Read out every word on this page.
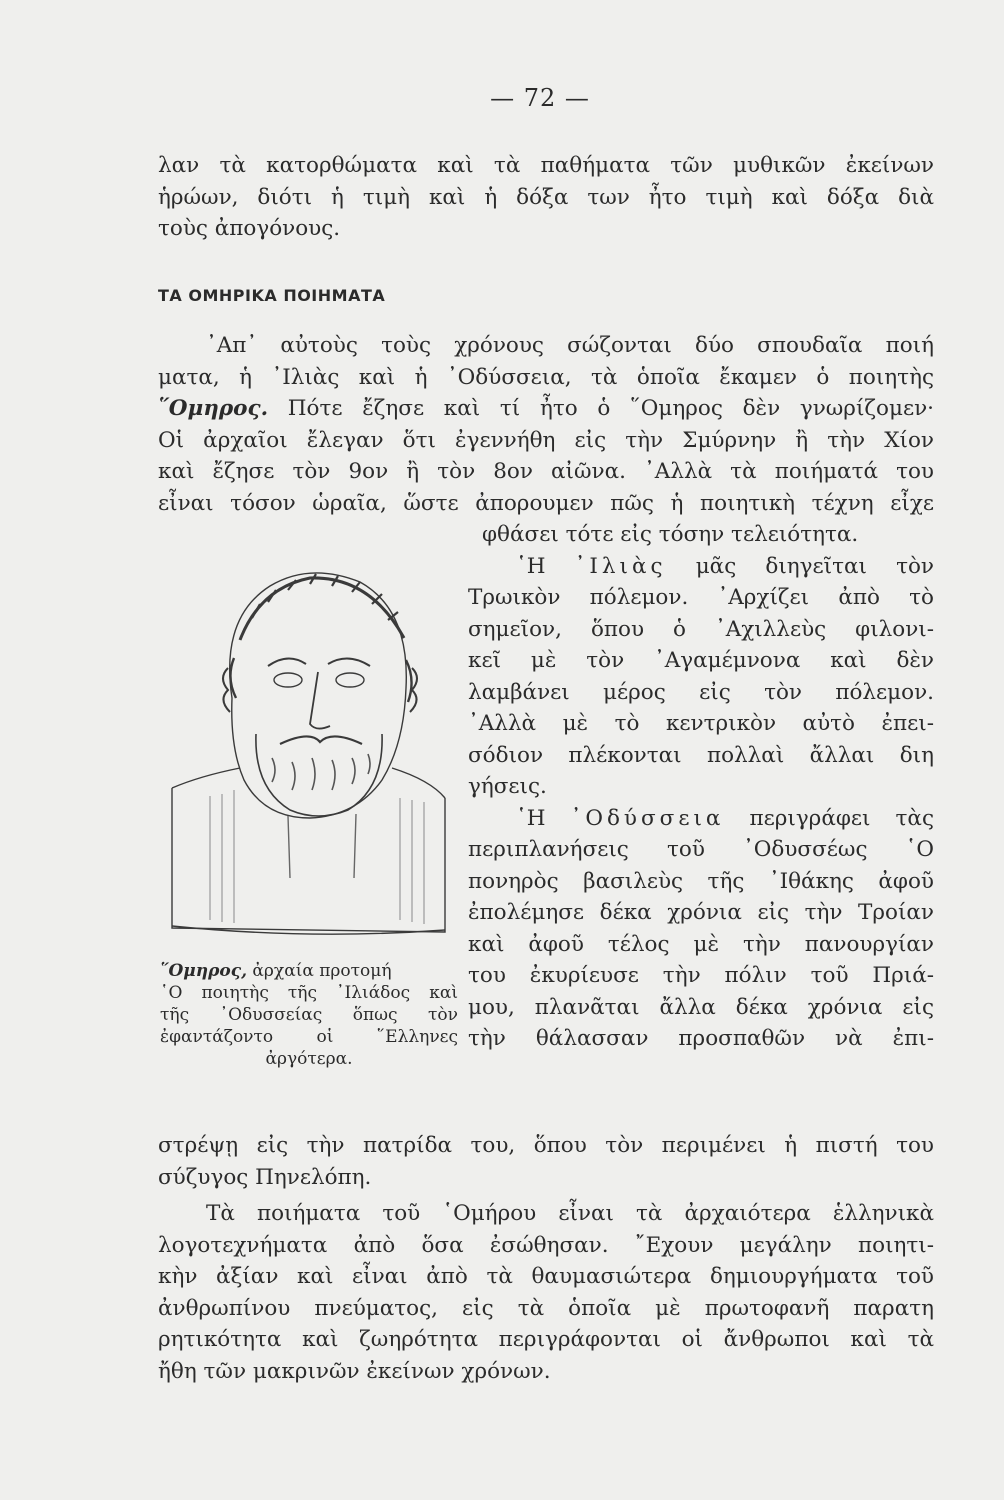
— 72 —
λαν τὰ κατορθώματα καὶ τὰ παθήματα τῶν μυθικῶν ἐκείνων
ἡρώων, διότι ἡ τιμὴ καὶ ἡ δόξα των ἦτο τιμὴ καὶ δόξα διὰ
τοὺς ἀπογόνους.
ΤΑ ΟΜΗΡΙΚΑ ΠΟΙΗΜΑΤΑ
᾿Απ᾿ αὐτοὺς τοὺς χρόνους σώζονται δύο σπουδαῖα ποιή
ματα, ἡ ᾿Ιλιὰς καὶ ἡ ᾿Οδύσσεια, τὰ ὁποῖα ἔκαμεν ὁ ποιητὴς
῞Ομηρος. Πότε ἔζησε καὶ τί ἦτο ὁ ῞Ομηρος δὲν γνωρίζομεν·
Οἱ ἀρχαῖοι ἔλεγαν ὅτι ἐγεννήθη εἰς τὴν Σμύρνην ἢ τὴν Χίον
καὶ ἔζησε τὸν 9ον ἢ τὸν 8ον αἰῶνα. ᾿Αλλὰ τὰ ποιήματά του
εἶναι τόσον ὡραῖα, ὥστε ἀπορουμεν πῶς ἡ ποιητικὴ τέχνη εἶχε
φθάσει τότε εἰς τόσην τελειότητα.
῾Η ᾿Ιλιὰς μᾶς διηγεῖται τὸν
Τρωικὸν πόλεμον. ᾿Αρχίζει ἀπὸ τὸ
σημεῖον, ὅπου ὁ ᾿Αχιλλεὺς φιλονι-
κεῖ μὲ τὸν ᾿Αγαμέμνονα καὶ δὲν
λαμβάνει μέρος εἰς τὸν πόλεμον.
᾿Αλλὰ μὲ τὸ κεντρικὸν αὐτὸ ἐπει-
σόδιον πλέκονται πολλαὶ ἄλλαι διη
γήσεις.
῾Η ᾿Οδύσσεια περιγράφει τὰς
περιπλανήσεις τοῦ ᾿Οδυσσέως ῾Ο
πονηρὸς βασιλεὺς τῆς ᾿Ιθάκης ἀφοῦ
ἐπολέμησε δέκα χρόνια εἰς τὴν Τροίαν
καὶ ἀφοῦ τέλος μὲ τὴν πανουργίαν
του ἐκυρίευσε τὴν πόλιν τοῦ Πριά-
μου, πλανᾶται ἄλλα δέκα χρόνια εἰς
τὴν θάλασσαν προσπαθῶν νὰ ἐπι-
῞Ομηρος, ἀρχαία προτομή
῾Ο ποιητὴς τῆς ᾿Ιλιάδος καὶ
τῆς ᾿Οδυσσείας ὅπως τὸν
ἐφαντάζοντο οἱ ῞Ελληνες
ἀργότερα.
στρέψῃ εἰς τὴν πατρίδα του, ὅπου τὸν περιμένει ἡ πιστή του
σύζυγος Πηνελόπη.
Τὰ ποιήματα τοῦ ῾Ομήρου εἶναι τὰ ἀρχαιότερα ἑλληνικὰ
λογοτεχνήματα ἀπὸ ὅσα ἐσώθησαν. ῎Εχουν μεγάλην ποιητι-
κὴν ἀξίαν καὶ εἶναι ἀπὸ τὰ θαυμασιώτερα δημιουργήματα τοῦ
ἀνθρωπίνου πνεύματος, εἰς τὰ ὁποῖα μὲ πρωτοφανῆ παρατη
ρητικότητα καὶ ζωηρότητα περιγράφονται οἱ ἄνθρωποι καὶ τὰ
ἤθη τῶν μακρινῶν ἐκείνων χρόνων.
